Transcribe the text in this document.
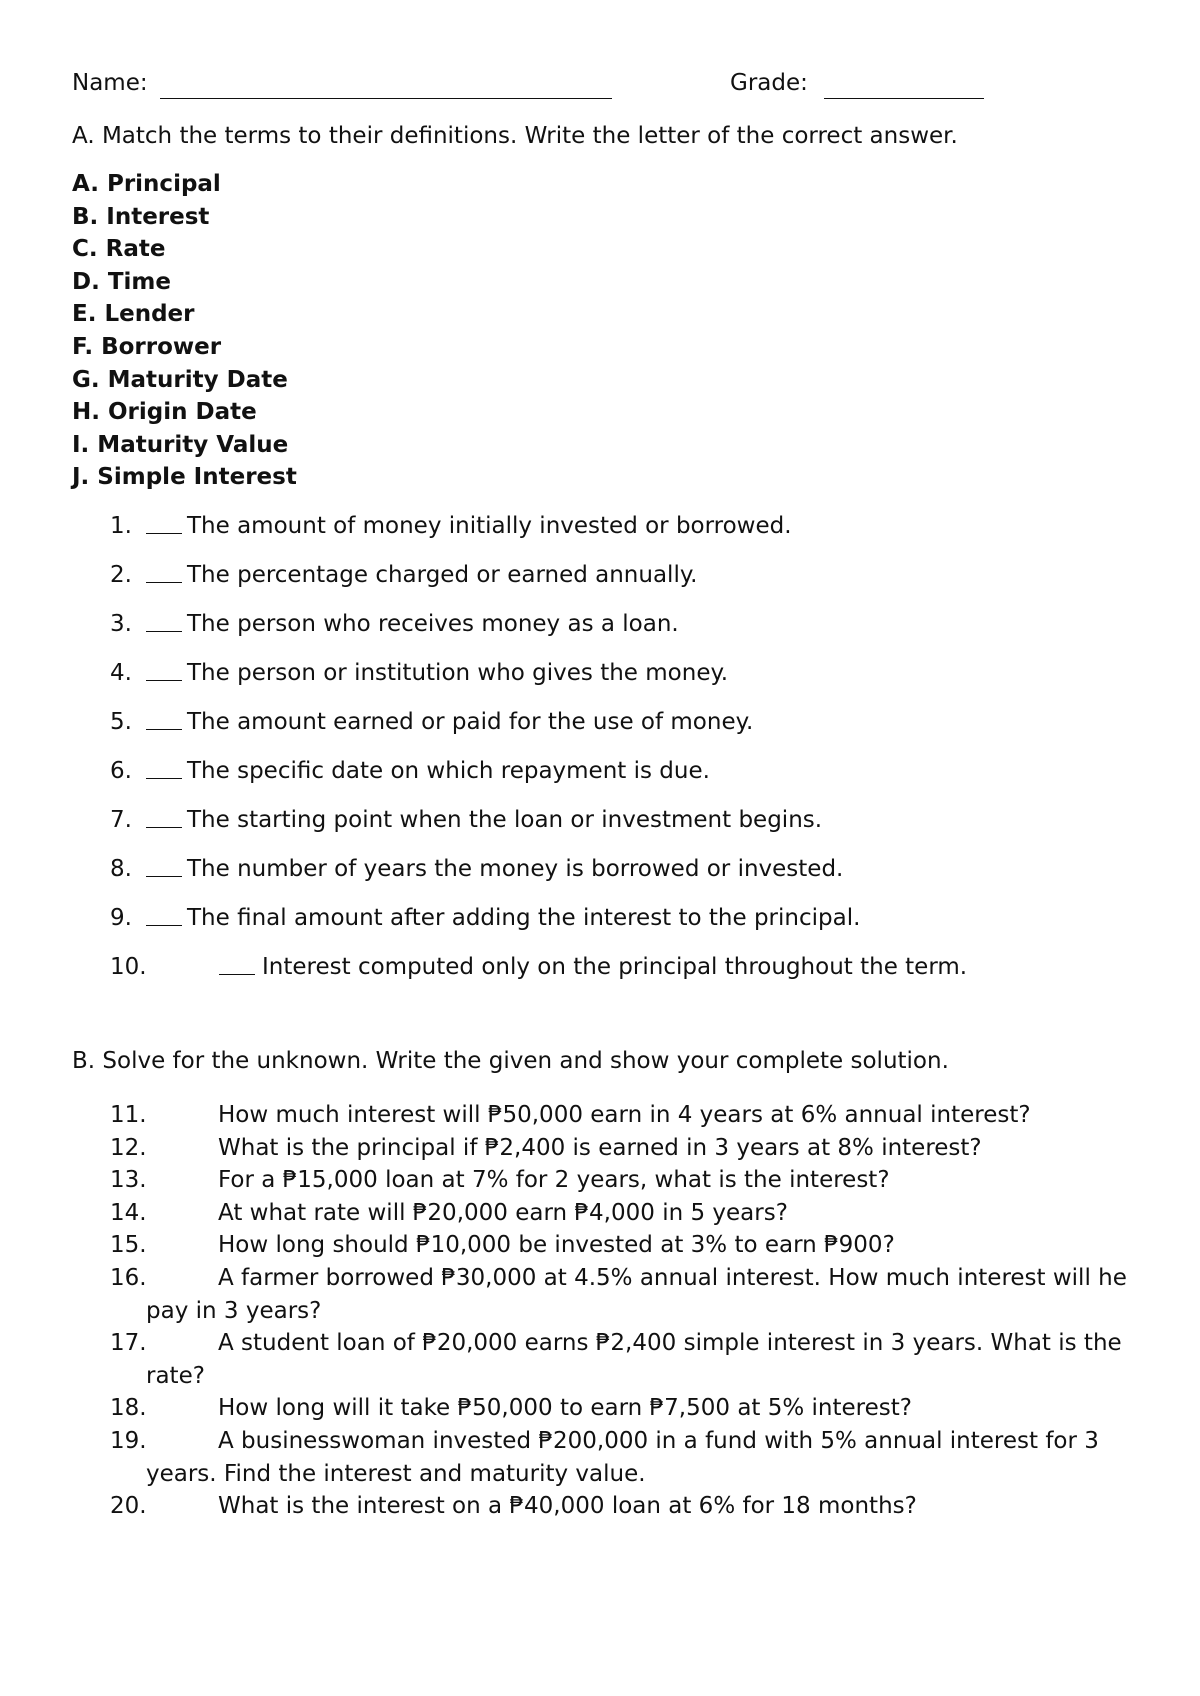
Name:	Grade:
A. Match the terms to their definitions. Write the letter of the correct answer.
A. Principal
B. Interest
C. Rate
D. Time
E. Lender
F. Borrower
G. Maturity Date
H. Origin Date
I. Maturity Value
J. Simple Interest
1. The amount of money initially invested or borrowed.
2. The percentage charged or earned annually.
3. The person who receives money as a loan.
4. The person or institution who gives the money.
5. The amount earned or paid for the use of money.
6. The specific date on which repayment is due.
7. The starting point when the loan or investment begins.
8. The number of years the money is borrowed or invested.
9. The final amount after adding the interest to the principal.
10.	Interest computed only on the principal throughout the term.
B. Solve for the unknown. Write the given and show your complete solution.
11.	How much interest will ₱50,000 earn in 4 years at 6% annual interest?
12.	What is the principal if ₱2,400 is earned in 3 years at 8% interest?
13.	For a ₱15,000 loan at 7% for 2 years, what is the interest?
14.	At what rate will ₱20,000 earn ₱4,000 in 5 years?
15.	How long should ₱10,000 be invested at 3% to earn ₱900?
16.	A farmer borrowed ₱30,000 at 4.5% annual interest. How much interest will he pay in 3 years?
17.	A student loan of ₱20,000 earns ₱2,400 simple interest in 3 years. What is the rate?
18.	How long will it take ₱50,000 to earn ₱7,500 at 5% interest?
19.	A businesswoman invested ₱200,000 in a fund with 5% annual interest for 3 years. Find the interest and maturity value.
20.	What is the interest on a ₱40,000 loan at 6% for 18 months?
